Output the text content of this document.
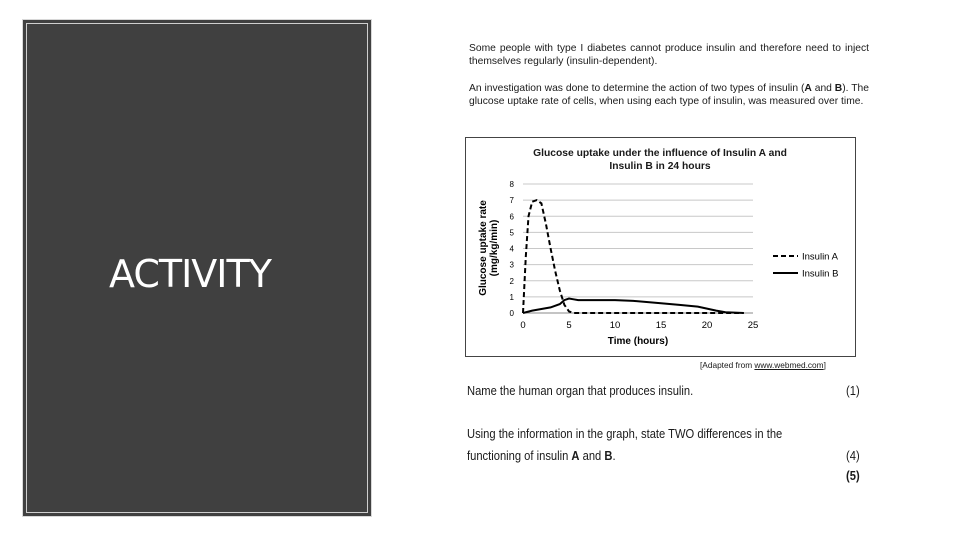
ACTIVITY
Some people with type I diabetes cannot produce insulin and therefore need to inject themselves regularly (insulin-dependent).
An investigation was done to determine the action of two types of insulin (A and B). The glucose uptake rate of cells, when using each type of insulin, was measured over time.
Glucose uptake under the influence of Insulin A and
Insulin B in 24 hours
0
1
2
3
4
5
6
7
8
0	5	10	15	20	25
Insulin A
Insulin B
Time (hours)
Glucose uptake rate (mg/kg/min)
[Adapted from www.webmed.com]
Name the human organ that produces insulin.	(1)
Using the information in the graph, state TWO differences in the
functioning of insulin A and B.	(4)
(5)
